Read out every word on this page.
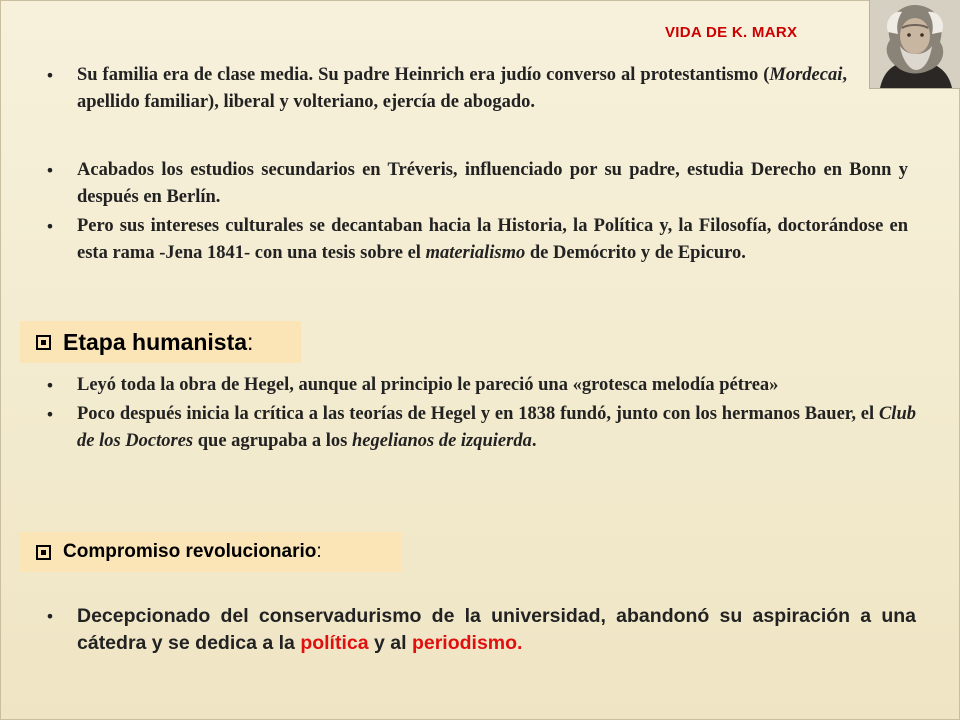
VIDA DE K. MARX
•	Su familia era de clase media. Su padre Heinrich era judío converso al protestantismo (Mordecai, apellido familiar), liberal y volteriano, ejercía de abogado.
•	Acabados los estudios secundarios en Tréveris, influenciado por su padre, estudia Derecho en Bonn y después en Berlín.
•	Pero sus intereses culturales se decantaban hacia la Historia, la Política y, la Filosofía, doctorándose en esta rama -Jena 1841- con una tesis sobre el materialismo de Demócrito y de Epicuro.
Etapa humanista :
•	Leyó toda la obra de Hegel, aunque al principio le pareció una «grotesca melodía pétrea»
•	Poco después inicia la crítica a las teorías de Hegel y en 1838 fundó, junto con los hermanos Bauer, el Club de los Doctores que agrupaba a los hegelianos de izquierda.
Compromiso revolucionario :
•	Decepcionado del conservadurismo de la universidad, abandonó su aspiración a una cátedra y se dedica a la política y al periodismo.
